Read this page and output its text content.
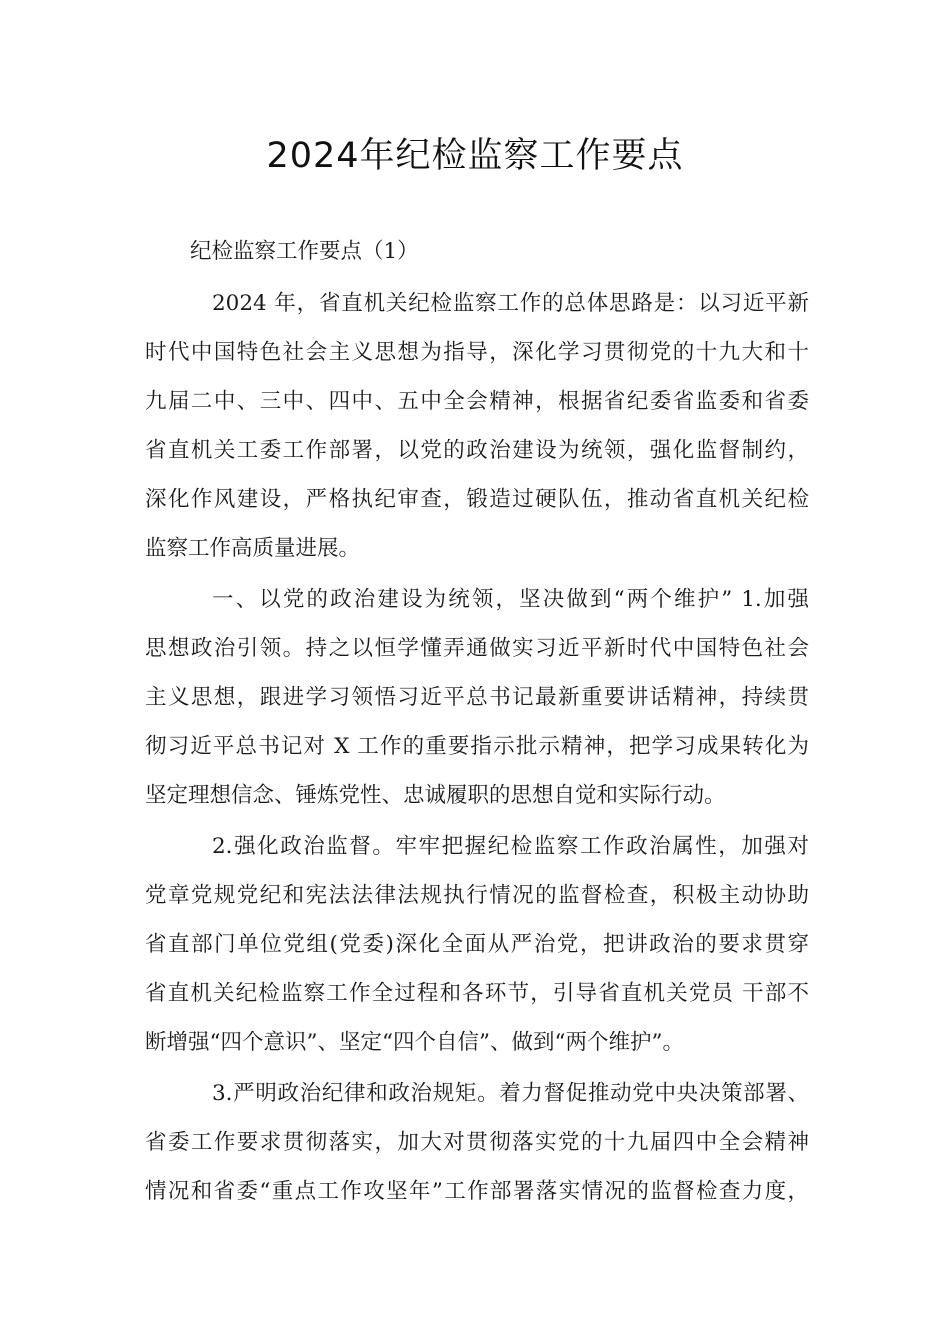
2024年纪检监察工作要点
纪检监察工作要点（1）
2024 年，省直机关纪检监察工作的总体思路是：以习近平新
时代中国特色社会主义思想为指导，深化学习贯彻党的十九大和十
九届二中、三中、四中、五中全会精神，根据省纪委省监委和省委
省直机关工委工作部署，以党的政治建设为统领，强化监督制约，
深化作风建设，严格执纪审查，锻造过硬队伍，推动省直机关纪检
监察工作高质量进展。
一、以党的政治建设为统领，坚决做到“两个维护” 1.加强
思想政治引领。持之以恒学懂弄通做实习近平新时代中国特色社会
主义思想，跟进学习领悟习近平总书记最新重要讲话精神，持续贯
彻习近平总书记对 X 工作的重要指示批示精神，把学习成果转化为
坚定理想信念、锤炼党性、忠诚履职的思想自觉和实际行动。
2.强化政治监督。牢牢把握纪检监察工作政治属性，加强对
党章党规党纪和宪法法律法规执行情况的监督检查，积极主动协助
省直部门单位党组(党委)深化全面从严治党，把讲政治的要求贯穿
省直机关纪检监察工作全过程和各环节，引导省直机关党员 干部不
断增强“四个意识”、坚定“四个自信”、做到“两个维护”。
3.严明政治纪律和政治规矩。着力督促推动党中央决策部署、
省委工作要求贯彻落实，加大对贯彻落实党的十九届四中全会精神
情况和省委“重点工作攻坚年”工作部署落实情况的监督检查力度，
